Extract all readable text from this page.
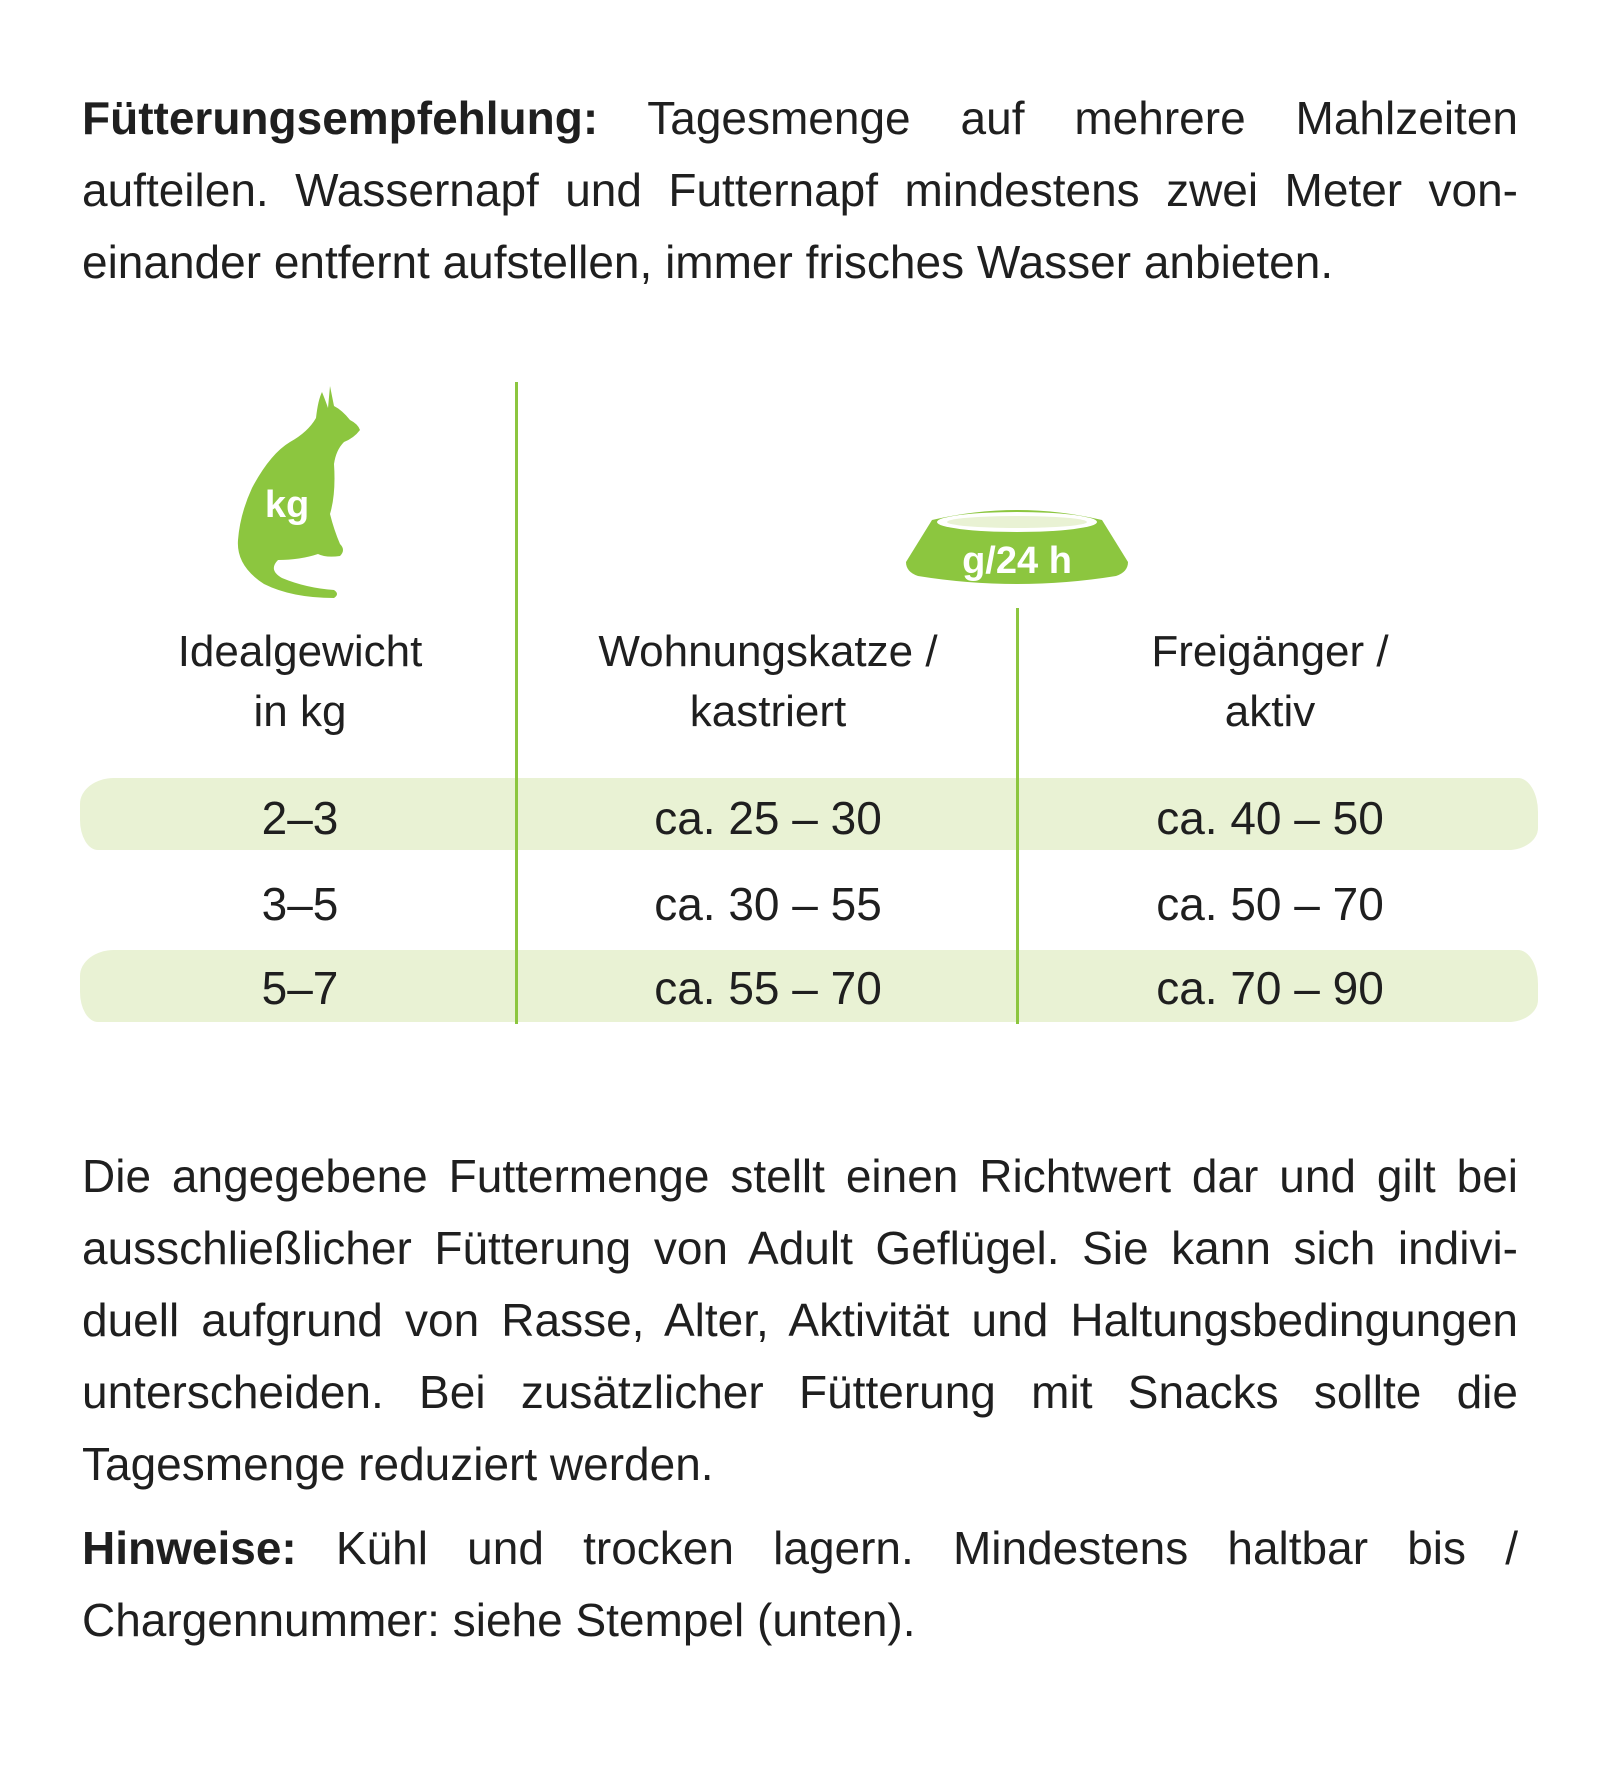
Fütterungsempfehlung: Tagesmenge auf mehrere Mahlzeiten aufteilen. Wassernapf und Futternapf mindestens zwei Meter von-einander entfernt aufstellen, immer frisches Wasser anbieten.
kg
g/24 h
Idealgewicht
in kg
Wohnungskatze /
kastriert
Freigänger /
aktiv
2–3	ca. 25 – 30	ca. 40 – 50
3–5	ca. 30 – 55	ca. 50 – 70
5–7	ca. 55 – 70	ca. 70 – 90
Die angegebene Futtermenge stellt einen Richtwert dar und gilt bei ausschließlicher Fütterung von Adult Geflügel. Sie kann sich indivi-duell aufgrund von Rasse, Alter, Aktivität und Haltungsbedingungen unterscheiden. Bei zusätzlicher Fütterung mit Snacks sollte die Tagesmenge reduziert werden.
Hinweise: Kühl und trocken lagern. Mindestens haltbar bis / Chargennummer: siehe Stempel (unten).
